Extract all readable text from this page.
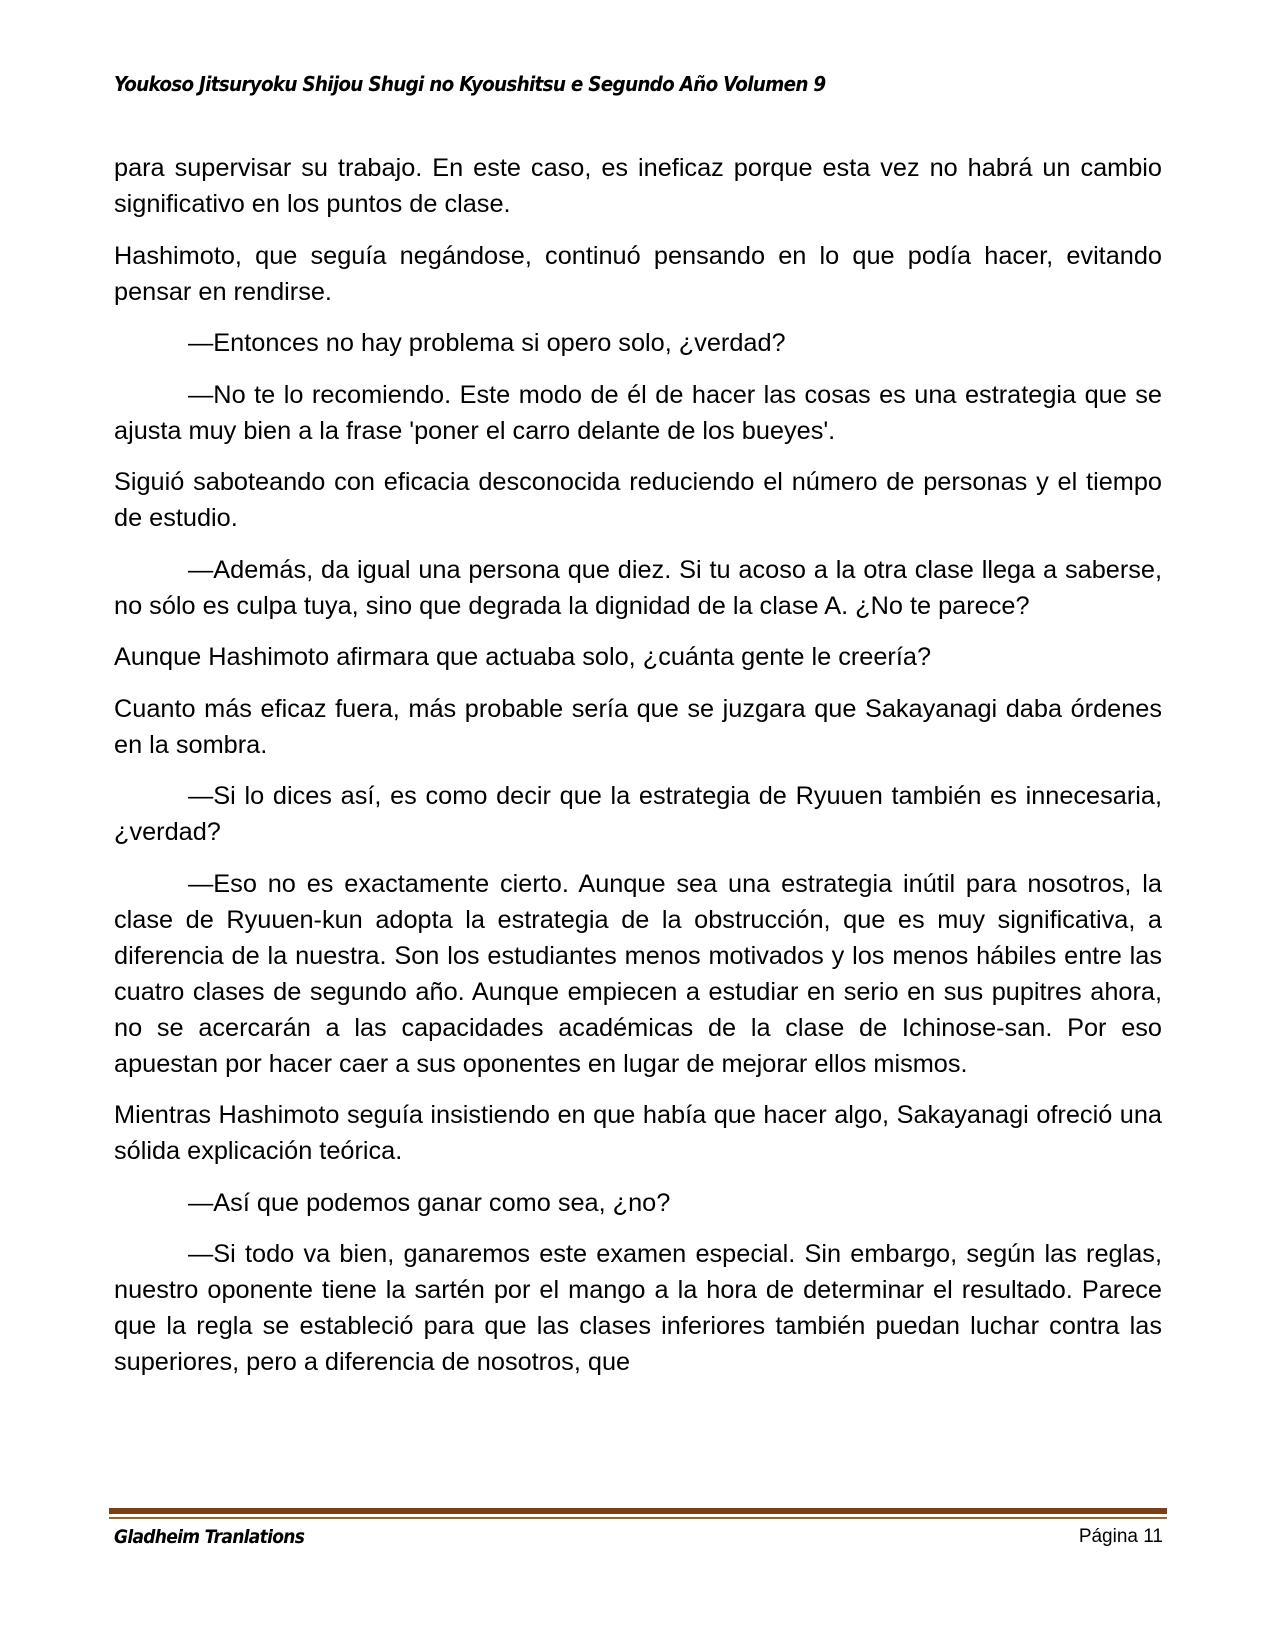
Youkoso Jitsuryoku Shijou Shugi no Kyoushitsu e Segundo Año Volumen 9

para supervisar su trabajo. En este caso, es ineficaz porque esta vez no habrá un cambio significativo en los puntos de clase.

Hashimoto, que seguía negándose, continuó pensando en lo que podía hacer, evitando pensar en rendirse.

—Entonces no hay problema si opero solo, ¿verdad?

—No te lo recomiendo. Este modo de él de hacer las cosas es una estrategia que se ajusta muy bien a la frase 'poner el carro delante de los bueyes'.

Siguió saboteando con eficacia desconocida reduciendo el número de personas y el tiempo de estudio.

—Además, da igual una persona que diez. Si tu acoso a la otra clase llega a saberse, no sólo es culpa tuya, sino que degrada la dignidad de la clase A. ¿No te parece?

Aunque Hashimoto afirmara que actuaba solo, ¿cuánta gente le creería?

Cuanto más eficaz fuera, más probable sería que se juzgara que Sakayanagi daba órdenes en la sombra.

—Si lo dices así, es como decir que la estrategia de Ryuuen también es innecesaria, ¿verdad?

—Eso no es exactamente cierto. Aunque sea una estrategia inútil para nosotros, la clase de Ryuuen-kun adopta la estrategia de la obstrucción, que es muy significativa, a diferencia de la nuestra. Son los estudiantes menos motivados y los menos hábiles entre las cuatro clases de segundo año. Aunque empiecen a estudiar en serio en sus pupitres ahora, no se acercarán a las capacidades académicas de la clase de Ichinose-san. Por eso apuestan por hacer caer a sus oponentes en lugar de mejorar ellos mismos.

Mientras Hashimoto seguía insistiendo en que había que hacer algo, Sakayanagi ofreció una sólida explicación teórica.

—Así que podemos ganar como sea, ¿no?

—Si todo va bien, ganaremos este examen especial. Sin embargo, según las reglas, nuestro oponente tiene la sartén por el mango a la hora de determinar el resultado. Parece que la regla se estableció para que las clases inferiores también puedan luchar contra las superiores, pero a diferencia de nosotros, que

Gladheim Tranlations	Página 11
